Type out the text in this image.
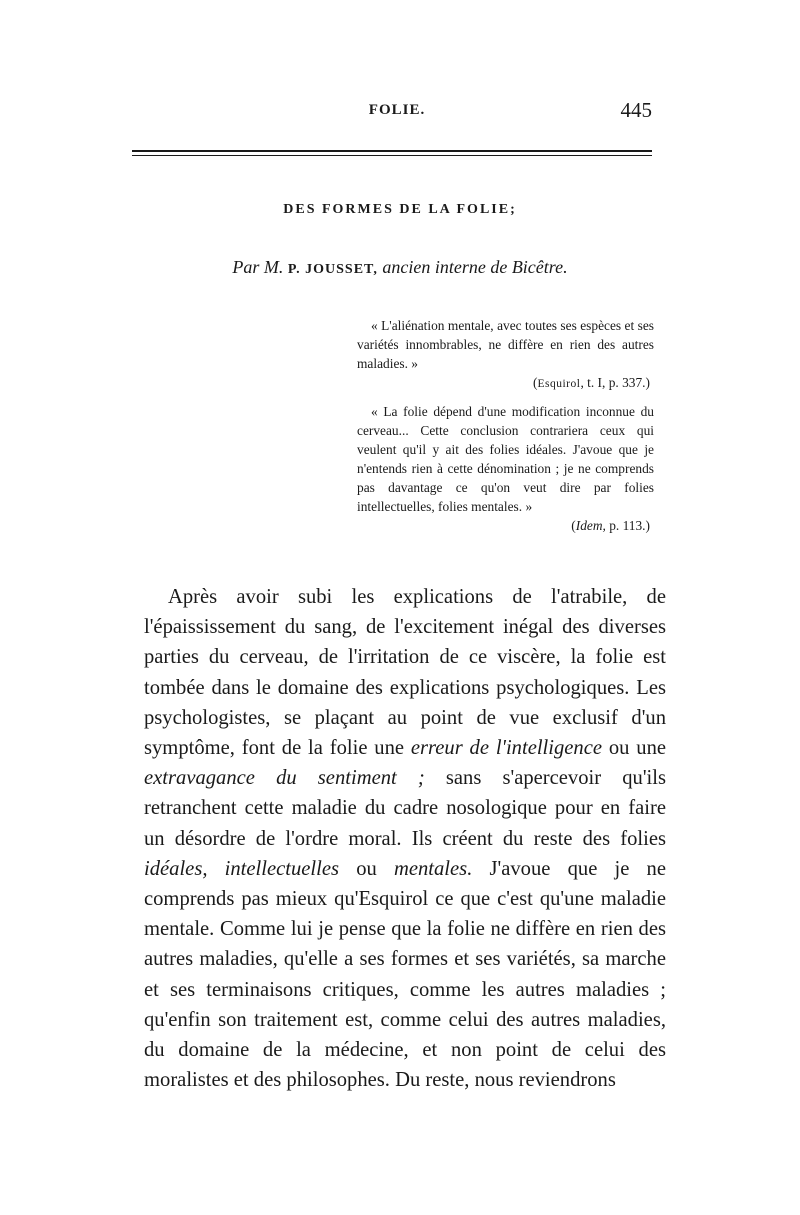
FOLIE.	445
DES FORMES DE LA FOLIE;
Par M. P. JOUSSET, ancien interne de Bicêtre.

« L'aliénation mentale, avec toutes ses espèces et ses variétés innombrables, ne diffère en rien des autres maladies. »

(Esquirol, t. I, p. 337.)

« La folie dépend d'une modification inconnue du cerveau... Cette conclusion contrariera ceux qui veulent qu'il y ait des folies idéales. J'avoue que je n'entends rien à cette dénomination ; je ne comprends pas davantage ce qu'on veut dire par folies intellectuelles, folies mentales. »

(Idem, p. 113.)

Après avoir subi les explications de l'atrabile, de l'épaississement du sang, de l'excitement inégal des diverses parties du cerveau, de l'irritation de ce viscère, la folie est tombée dans le domaine des explications psychologiques. Les psychologistes, se plaçant au point de vue exclusif d'un symptôme, font de la folie une erreur de l'intelligence ou une extravagance du sentiment ; sans s'apercevoir qu'ils retranchent cette maladie du cadre nosologique pour en faire un désordre de l'ordre moral. Ils créent du reste des folies idéales, intellectuelles ou mentales. J'avoue que je ne comprends pas mieux qu'Esquirol ce que c'est qu'une maladie mentale. Comme lui je pense que la folie ne diffère en rien des autres maladies, qu'elle a ses formes et ses variétés, sa marche et ses terminaisons critiques, comme les autres maladies ; qu'enfin son traitement est, comme celui des autres maladies, du domaine de la médecine, et non point de celui des moralistes et des philosophes. Du reste, nous reviendrons
